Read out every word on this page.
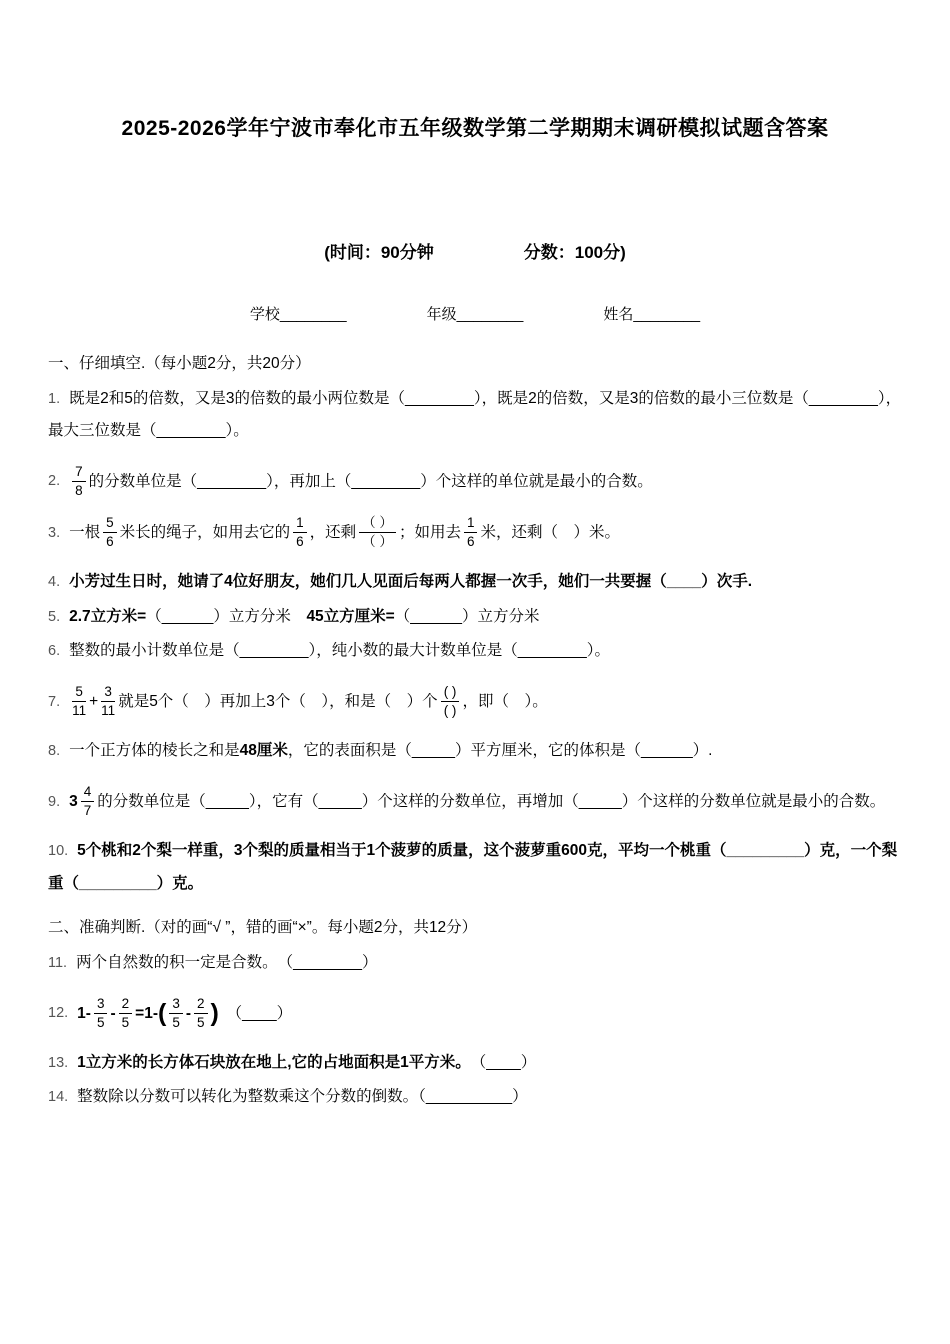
2025-2026学年宁波市奉化市五年级数学第二学期期末调研模拟试题含答案
(时间：90分钟	分数：100分)
学校________	年级________	姓名________
一、仔细填空.（每小题2分，共20分）
1. 既是2和5的倍数，又是3的倍数的最小两位数是（________），既是2的倍数，又是3的倍数的最小三位数是（________），最大三位数是（________）。
2. $\frac{7}{8}$ 的分数单位是（________），再加上（________）个这样的单位就是最小的合数。
3. 一根 $\frac{5}{6}$ 米长的绳子，如用去它的 $\frac{1}{6}$ ，还剩 $\frac{( )}{( )}$ ；如用去 $\frac{1}{6}$ 米，还剩（　）米。
4. 小芳过生日时，她请了4位好朋友，她们几人见面后每两人都握一次手，她们一共要握（____）次手.
5. 2.7立方米=（______）立方分米　45立方厘米=（______）立方分米
6. 整数的最小计数单位是（________），纯小数的最大计数单位是（________）。
7. $\frac{5}{11} + \frac{3}{11}$ 就是5个（　）再加上3个（　），和是（　）个 $\frac{( )}{( )}$ ，即（　）。
8. 一个正方体的棱长之和是48厘米，它的表面积是（_____）平方厘米，它的体积是（______）.
9. $3 \frac{4}{7}$ 的分数单位是（_____），它有（_____）个这样的分数单位，再增加（_____）个这样的分数单位就是最小的合数。
10. 5个桃和2个梨一样重，3个梨的质量相当于1个菠萝的质量，这个菠萝重600克，平均一个桃重（_________）克，一个梨重（_________）克。
二、准确判断.（对的画“√ ”，错的画“×”。每小题2分，共12分）
11. 两个自然数的积一定是合数。　（________）
12. $1- \frac{3}{5} - \frac{2}{5} =1-( \frac{3}{5} - \frac{2}{5}$ )　（____）
13. 1立方米的长方体石块放在地上,它的占地面积是1平方米。　（____）
14. 整数除以分数可以转化为整数乘这个分数的倒数。（__________）
